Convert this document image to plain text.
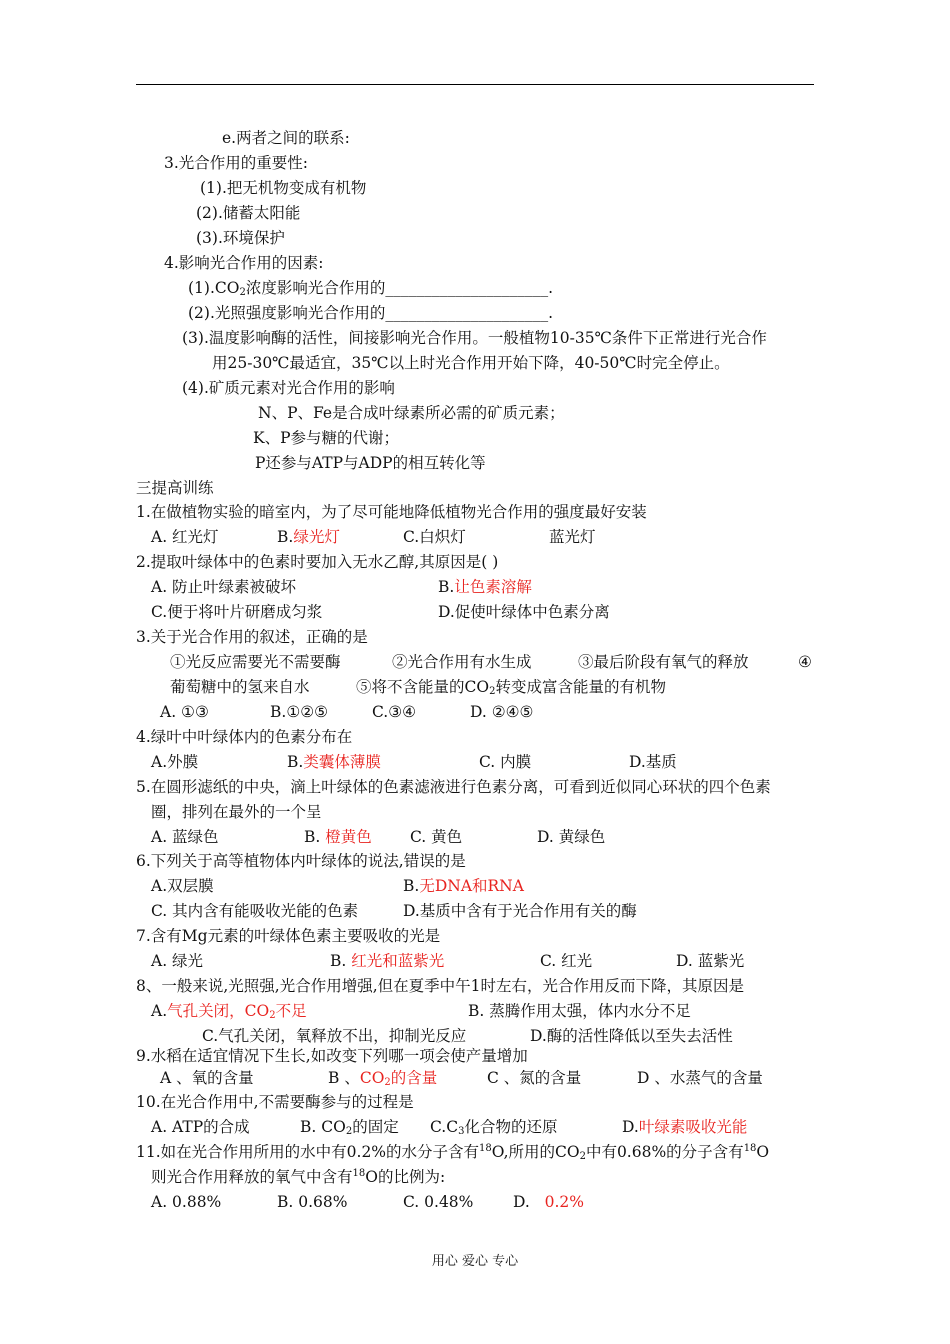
e.两者之间的联系:
3.光合作用的重要性:
(1).把无机物变成有机物
(2).储蓄太阳能
(3).环境保护
4.影响光合作用的因素:
$(1).CO_2$浓度影响光合作用的_____________________.
(2).光照强度影响光合作用的_____________________.
(3).温度影响酶的活性，间接影响光合作用。一般植物10-35℃条件下正常进行光合作
用25-30℃最适宜，35℃以上时光合作用开始下降，40-50℃时完全停止。
(4).矿质元素对光合作用的影响
N、P、Fe是合成叶绿素所必需的矿质元素；
K、P参与糖的代谢；
P还参与ATP与ADP的相互转化等
三提高训练
1.在做植物实验的暗室内，为了尽可能地降低植物光合作用的强度最好安装
A. 红光灯	B.绿光灯	C.白炽灯	蓝光灯
2.提取叶绿体中的色素时要加入无水乙醇,其原因是( )
A. 防止叶绿素被破坏	B.让色素溶解
C.便于将叶片研磨成匀浆	D.促使叶绿体中色素分离
3.关于光合作用的叙述，正确的是
①光反应需要光不需要酶	②光合作用有水生成	③最后阶段有氧气的释放	④
葡萄糖中的氢来自水	⑤将不含能量的$CO_2$转变成富含能量的有机物
A. ①③	B.①②⑤	C.③④	D. ②④⑤
4.绿叶中叶绿体内的色素分布在
A.外膜	B.类囊体薄膜	C. 内膜	D.基质
5.在圆形滤纸的中央，滴上叶绿体的色素滤液进行色素分离，可看到近似同心环状的四个色素
圈，排列在最外的一个呈
A. 蓝绿色	B. 橙黄色 C. 黄色	D. 黄绿色
6.下列关于高等植物体内叶绿体的说法,错误的是
A.双层膜	B.无DNA和RNA
C. 其内含有能吸收光能的色素	D.基质中含有于光合作用有关的酶
7.含有Mg元素的叶绿体色素主要吸收的光是
A. 绿光	B. 红光和蓝紫光	C. 红光	D. 蓝紫光
8、一般来说,光照强,光合作用增强,但在夏季中午1时左右，光合作用反而下降，其原因是
A.气孔关闭，$CO_2$不足	B. 蒸腾作用太强，体内水分不足
C.气孔关闭，氧释放不出，抑制光反应	D.酶的活性降低以至失去活性
9.水稻在适宜情况下生长,如改变下列哪一项会使产量增加
A 、氧的含量	B 、$CO_2$的含量	C 、氮的含量	D 、水蒸气的含量
10.在光合作用中,不需要酶参与的过程是
A. ATP的合成	B. $CO_2$的固定 $C.C_3$化合物的还原	D.叶绿素吸收光能
11.如在光合作用所用的水中有0.2%的水分子含有$^{18}$O,所用的$CO_2$中有0.68%的分子含有$^{18}$O
则光合作用释放的氧气中含有$^{18}$O的比例为:
A. 0.88%	B. 0.68%	C. 0.48%	D. 0.2%
用心 爱心 专心
